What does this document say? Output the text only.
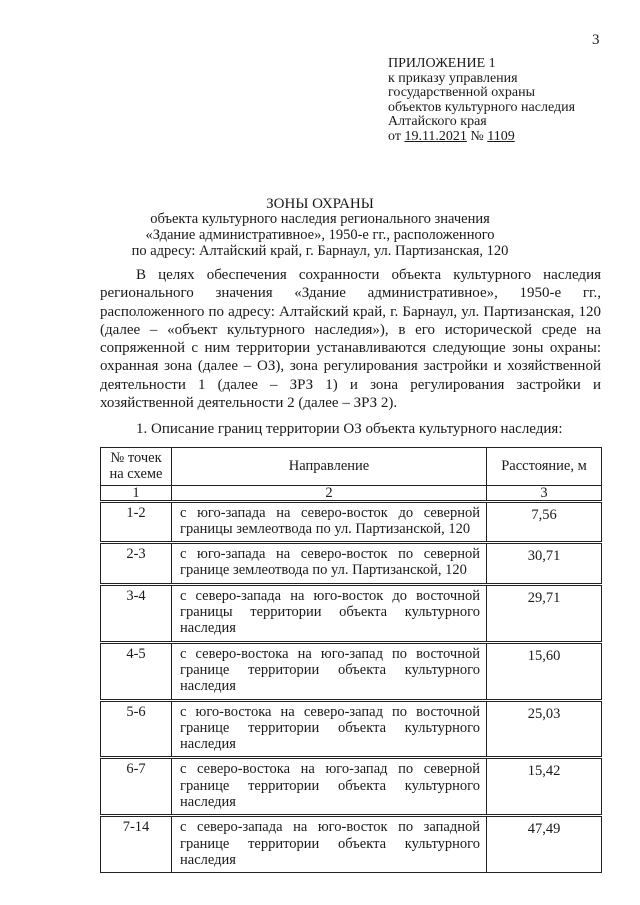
3
ПРИЛОЖЕНИЕ 1
к приказу управления
государственной охраны
объектов культурного наследия
Алтайского края
от 19.11.2021 № 1109
ЗОНЫ ОХРАНЫ
объекта культурного наследия регионального значения
«Здание административное», 1950-е гг., расположенного
по адресу: Алтайский край, г. Барнаул, ул. Партизанская, 120
В целях обеспечения сохранности объекта культурного наследия регионального значения «Здание административное», 1950-е гг., расположенного по адресу: Алтайский край, г. Барнаул, ул. Партизанская, 120 (далее – «объект культурного наследия»), в его исторической среде на сопряженной с ним территории устанавливаются следующие зоны охраны: охранная зона (далее – ОЗ), зона регулирования застройки и хозяйственной деятельности 1 (далее – ЗРЗ 1) и зона регулирования застройки и хозяйственной деятельности 2 (далее – ЗРЗ 2).
1. Описание границ территории ОЗ объекта культурного наследия:
№ точек на схеме	Направление	Расстояние, м
1	2	3
1-2	с юго-запада на северо-восток до северной границы землеотвода по ул. Партизанской, 120	7,56
2-3	с юго-запада на северо-восток по северной границе землеотвода по ул. Партизанской, 120	30,71
3-4	с северо-запада на юго-восток до восточной границы территории объекта культурного наследия	29,71
4-5	с северо-востока на юго-запад по восточной границе территории объекта культурного наследия	15,60
5-6	с юго-востока на северо-запад по восточной границе территории объекта культурного наследия	25,03
6-7	с северо-востока на юго-запад по северной границе территории объекта культурного наследия	15,42
7-14	с северо-запада на юго-восток по западной границе территории объекта культурного наследия	47,49
